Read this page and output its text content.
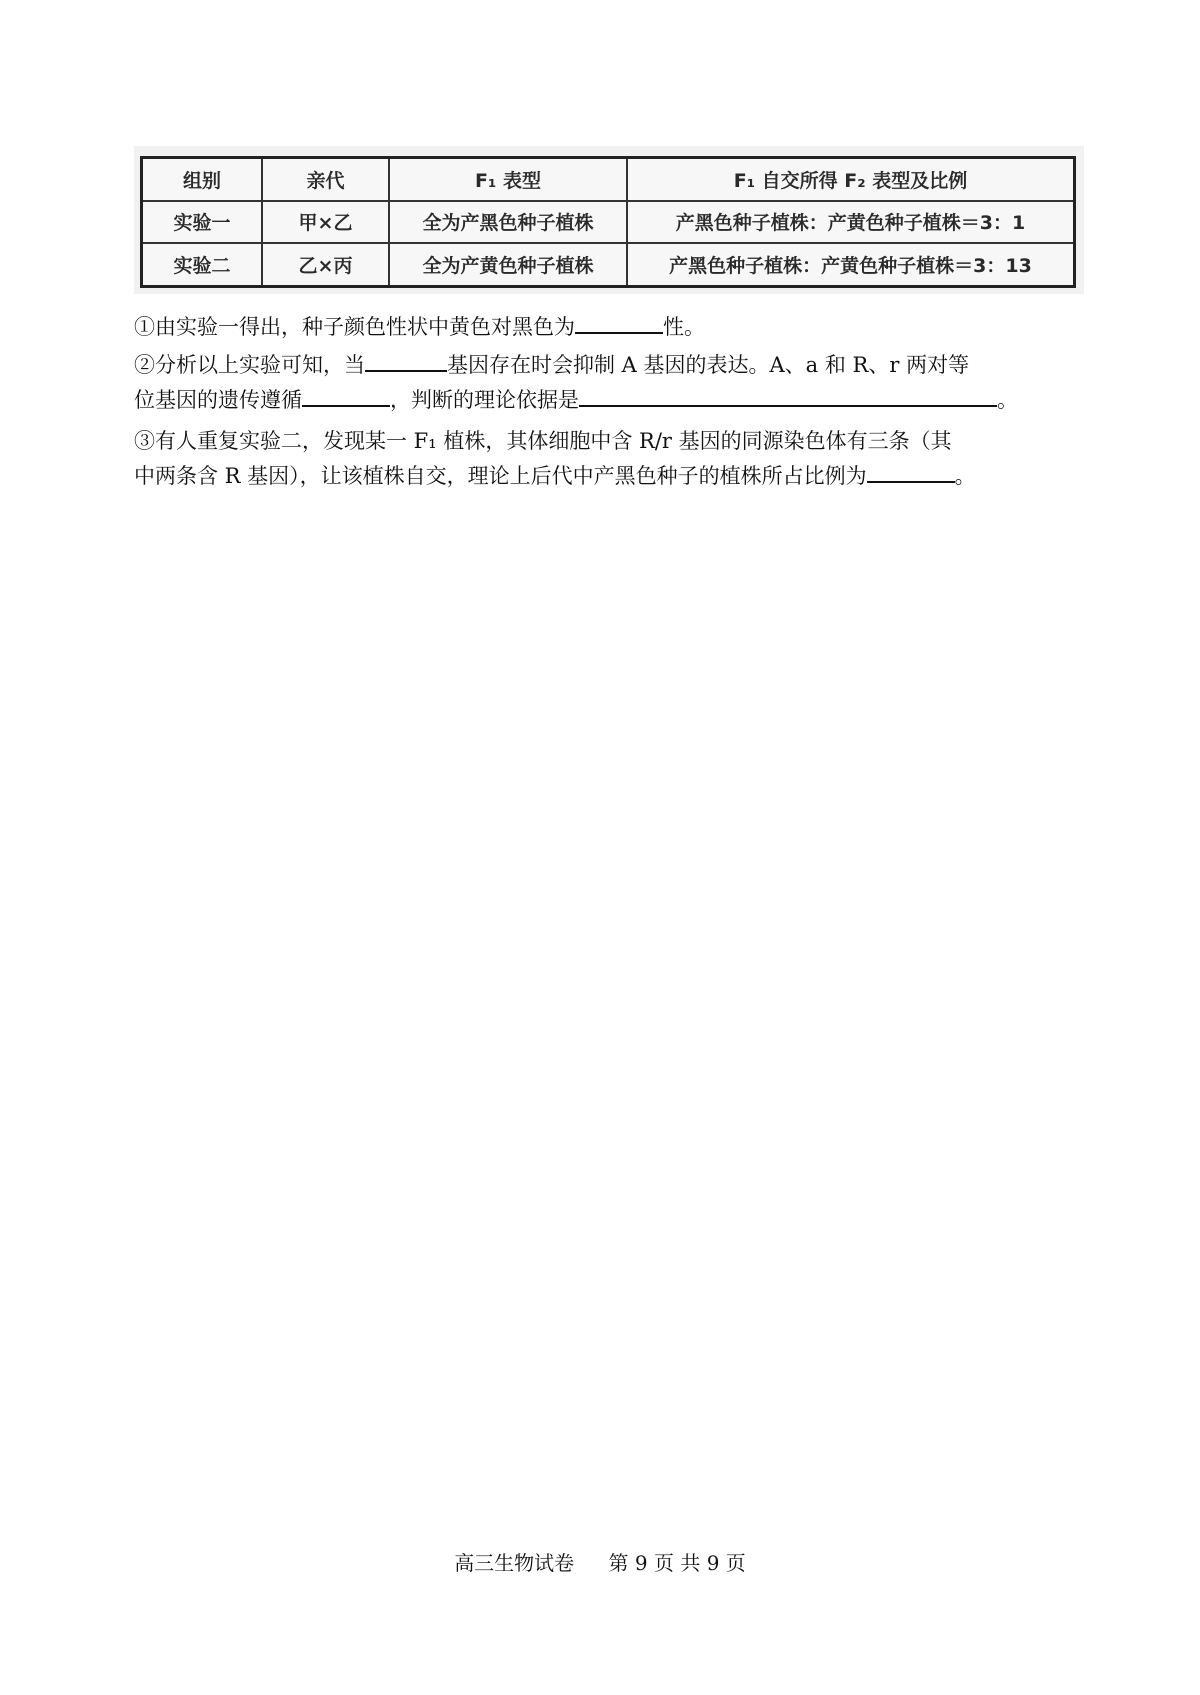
组别	亲代	F₁ 表型	F₁ 自交所得 F₂ 表型及比例
实验一	甲×乙	全为产黑色种子植株	产黑色种子植株：产黄色种子植株＝3：1
实验二	乙×丙	全为产黄色种子植株	产黑色种子植株：产黄色种子植株＝3：13
①由实验一得出，种子颜色性状中黄色对黑色为	性。
②分析以上实验可知，当	基因存在时会抑制 A 基因的表达。A、a 和 R、r 两对等
位基因的遗传遵循	，判断的理论依据是	。
③有人重复实验二，发现某一 F₁ 植株，其体细胞中含 R/r 基因的同源染色体有三条（其
中两条含 R 基因），让该植株自交，理论上后代中产黑色种子的植株所占比例为	。
高三生物试卷 第 9 页 共 9 页
